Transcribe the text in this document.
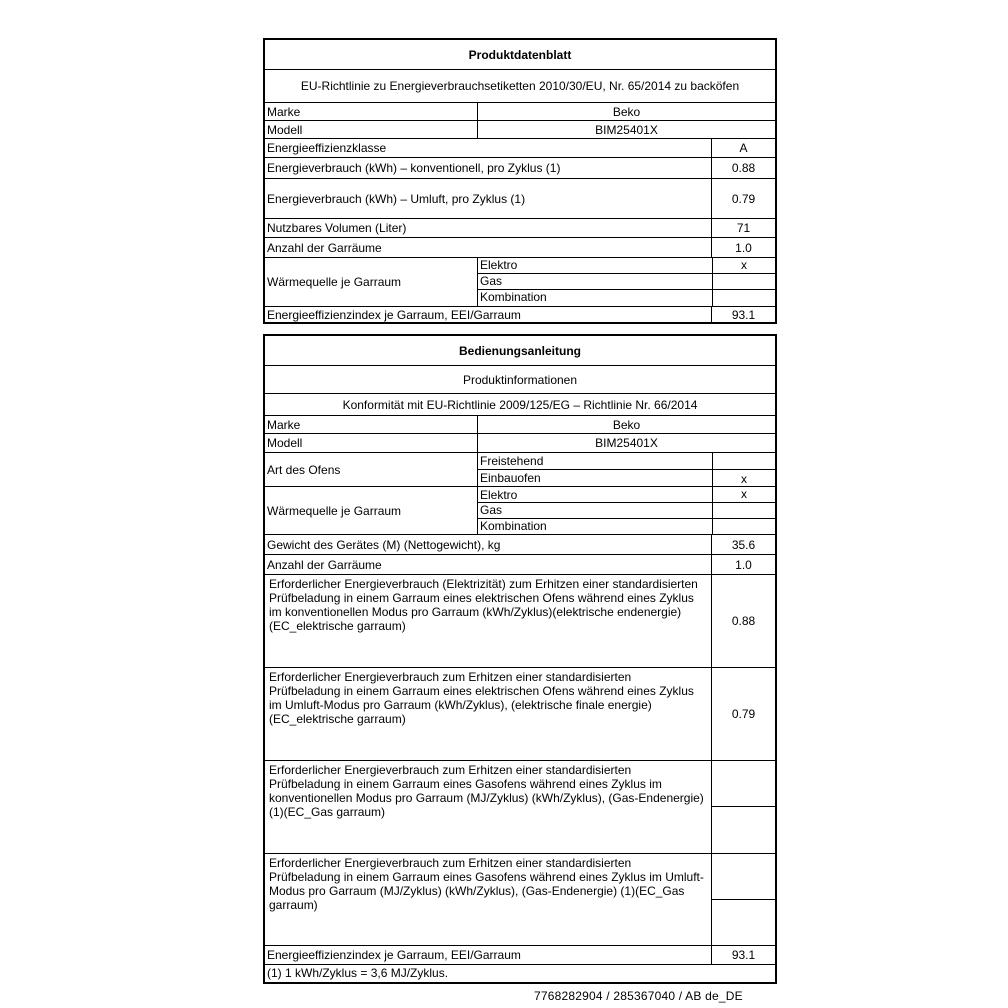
Produktdatenblatt
EU-Richtlinie zu Energieverbrauchsetiketten 2010/30/EU, Nr. 65/2014 zu backöfen
Marke	Beko
Modell	BIM25401X
Energieeffizienzklasse	A
Energieverbrauch (kWh) – konventionell, pro Zyklus (1)	0.88
Energieverbrauch (kWh) – Umluft, pro Zyklus (1)	0.79
Nutzbares Volumen (Liter)	71
Anzahl der Garräume	1.0
Wärmequelle je Garraum
Elektro	x
Gas
Kombination
Energieeffizienzindex je Garraum, EEI/Garraum	93.1
Bedienungsanleitung
Produktinformationen
Konformität mit EU-Richtlinie 2009/125/EG – Richtlinie Nr. 66/2014
Marke	Beko
Modell	BIM25401X
Art des Ofens
Freistehend
Einbauofen	x
Wärmequelle je Garraum
Elektro	x
Gas
Kombination
Gewicht des Gerätes (M) (Nettogewicht), kg	35.6
Anzahl der Garräume	1.0
Erforderlicher Energieverbrauch (Elektrizität) zum Erhitzen einer standardisierten Prüfbeladung in einem Garraum eines elektrischen Ofens während eines Zyklus im konventionellen Modus pro Garraum (kWh/Zyklus)(elektrische endenergie)(EC_elektrische garraum)	0.88
Erforderlicher Energieverbrauch zum Erhitzen einer standardisierten Prüfbeladung in einem Garraum eines elektrischen Ofens während eines Zyklus im Umluft-Modus pro Garraum (kWh/Zyklus), (elektrische finale energie)(EC_elektrische garraum)	0.79
Erforderlicher Energieverbrauch zum Erhitzen einer standardisierten Prüfbeladung in einem Garraum eines Gasofens während eines Zyklus im konventionellen Modus pro Garraum (MJ/Zyklus) (kWh/Zyklus), (Gas-Endenergie) (1)(EC_Gas garraum)
Erforderlicher Energieverbrauch zum Erhitzen einer standardisierten Prüfbeladung in einem Garraum eines Gasofens während eines Zyklus im Umluft-Modus pro Garraum (MJ/Zyklus) (kWh/Zyklus), (Gas-Endenergie) (1)(EC_Gas garraum)
Energieeffizienzindex je Garraum, EEI/Garraum	93.1
(1) 1 kWh/Zyklus = 3,6 MJ/Zyklus.
7768282904 / 285367040 / AB de_DE
